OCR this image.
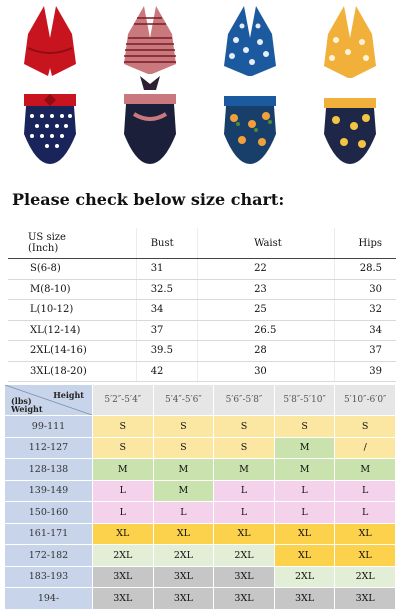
Please check below size chart:
US size
(Inch)	Bust	Waist	Hips
S(6-8)	31	22	28.5
M(8-10)	32.5	23	30
L(10-12)	34	25	32
XL(12-14)	37	26.5	34
2XL(14-16)	39.5	28	37
3XL(18-20)	42	30	39
Height
(lbs)
Weight	5′2″-5′4″	5′4″-5′6″	5′6″-5′8″	5′8″-5′10″	5′10″-6′0″
99-111	S	S	S	S	S
112-127	S	S	S	M	/
128-138	M	M	M	M	M
139-149	L	M	L	L	L
150-160	L	L	L	L	L
161-171	XL	XL	XL	XL	XL
172-182	2XL	2XL	2XL	XL	XL
183-193	3XL	3XL	3XL	2XL	2XL
194-	3XL	3XL	3XL	3XL	3XL
